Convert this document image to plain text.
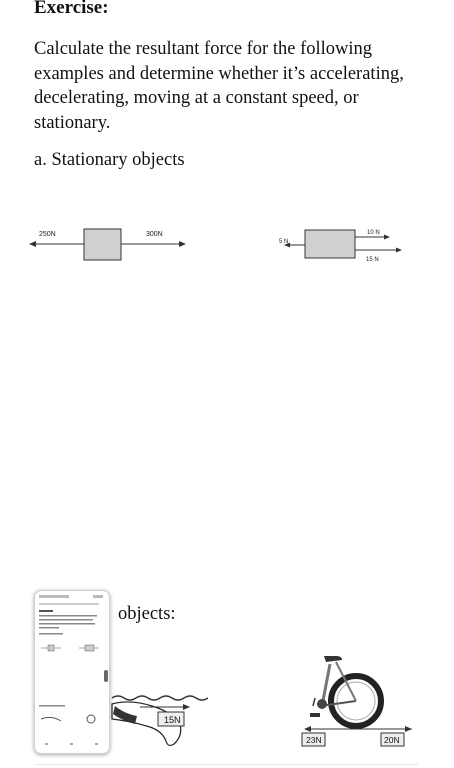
Exercise:
Calculate the resultant force for the following examples and determine whether it’s accelerating, decelerating, moving at a constant speed, or stationary.
a. Stationary objects
250N	300N
5 N
10 N
15 N
15N
23N	20N
objects:
